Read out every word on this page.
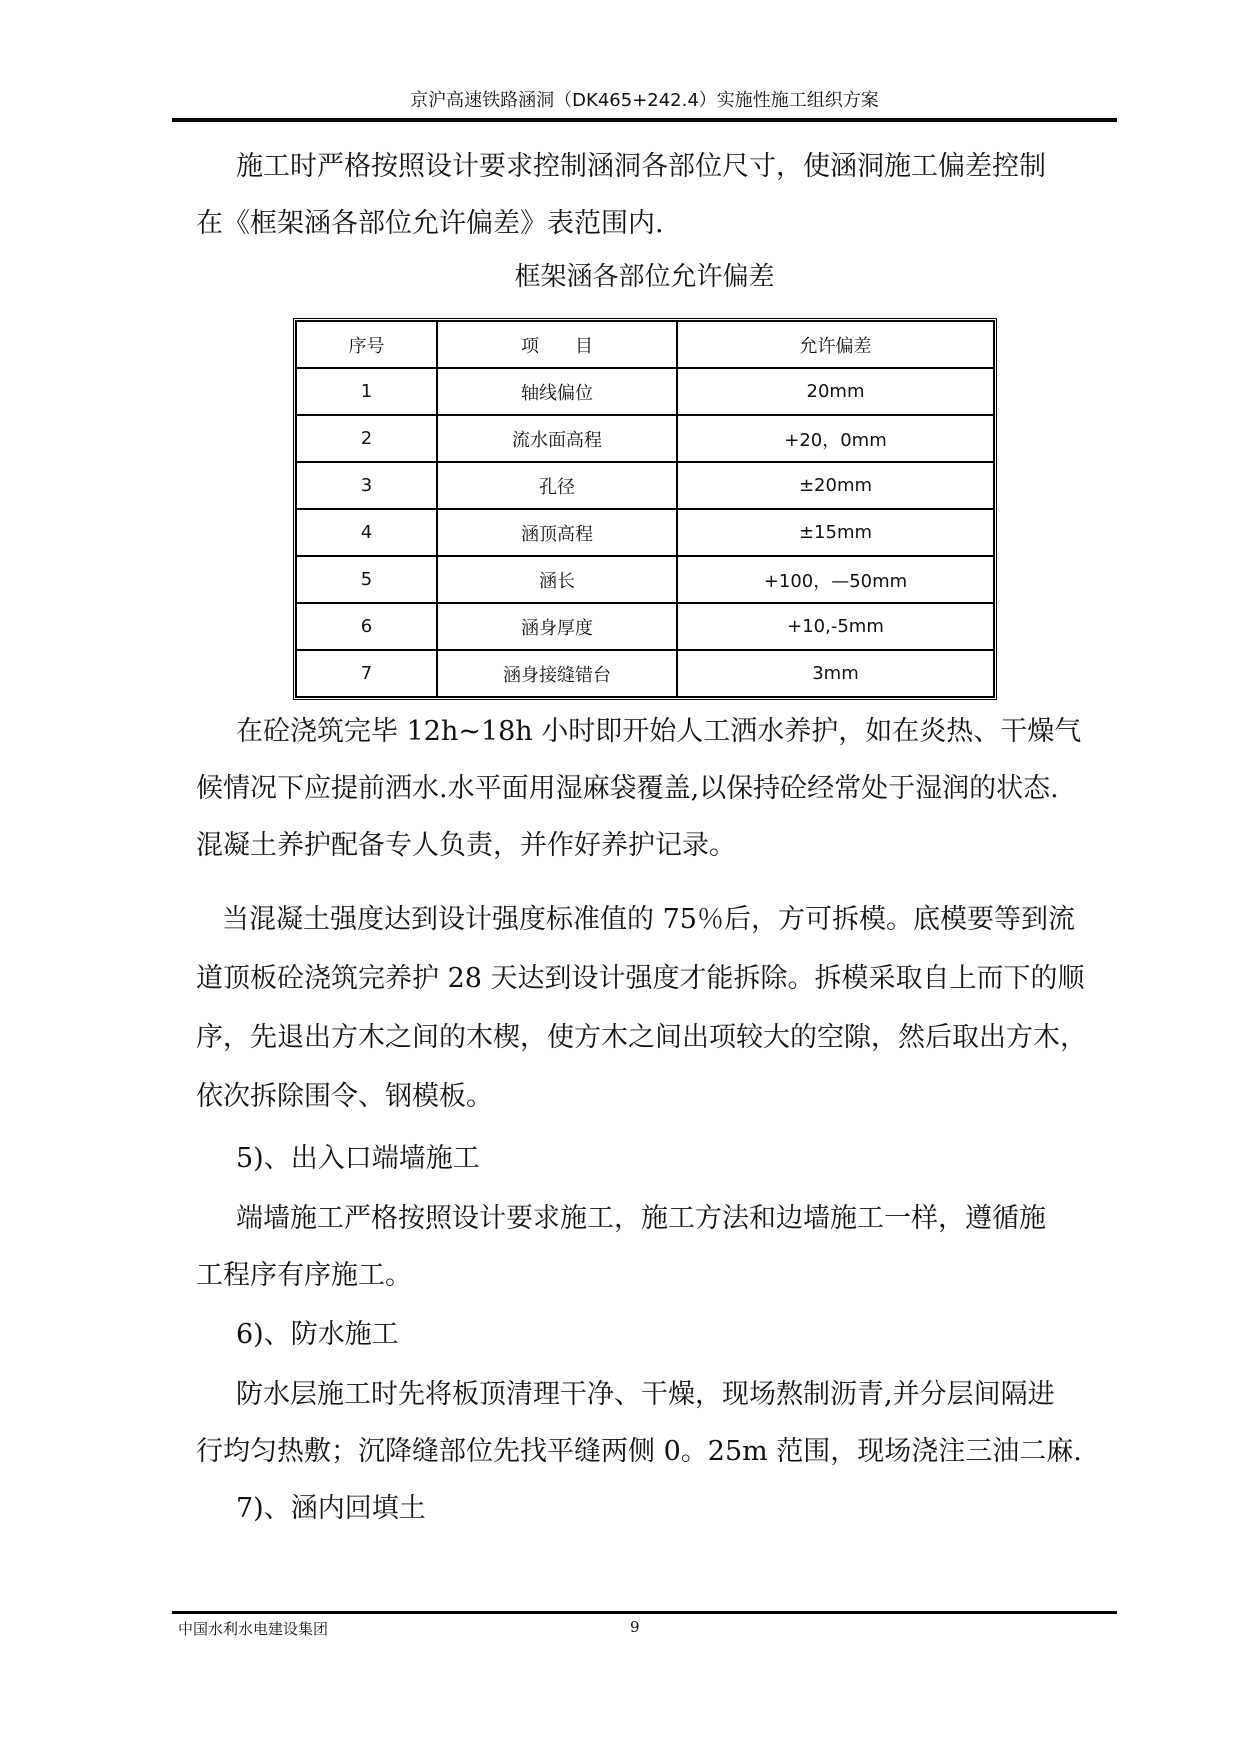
京沪高速铁路涵洞（DK465+242.4）实施性施工组织方案

施工时严格按照设计要求控制涵洞各部位尺寸，使涵洞施工偏差控制
在《框架涵各部位允许偏差》表范围内.

框架涵各部位允许偏差
序号	项　　目	允许偏差
1	轴线偏位	20mm
2	流水面高程	+20，0mm
3	孔径	±20mm
4	涵顶高程	±15mm
5	涵长	+100，—50mm
6	涵身厚度	+10,-5mm
7	涵身接缝错台	3mm

在砼浇筑完毕 12h~18h 小时即开始人工洒水养护，如在炎热、干燥气
候情况下应提前洒水.水平面用湿麻袋覆盖,以保持砼经常处于湿润的状态.
混凝土养护配备专人负责，并作好养护记录。

当混凝土强度达到设计强度标准值的 75％后，方可拆模。底模要等到流
道顶板砼浇筑完养护 28 天达到设计强度才能拆除。拆模采取自上而下的顺
序，先退出方木之间的木楔，使方木之间出项较大的空隙，然后取出方木，
依次拆除围令、钢模板。

5)、出入口端墙施工

端墙施工严格按照设计要求施工，施工方法和边墙施工一样，遵循施
工程序有序施工。

6)、防水施工

防水层施工时先将板顶清理干净、干燥，现场熬制沥青,并分层间隔进
行均匀热敷；沉降缝部位先找平缝两侧 0。25m 范围，现场浇注三油二麻.

7)、涵内回填土

中国水利水电建设集团	9
